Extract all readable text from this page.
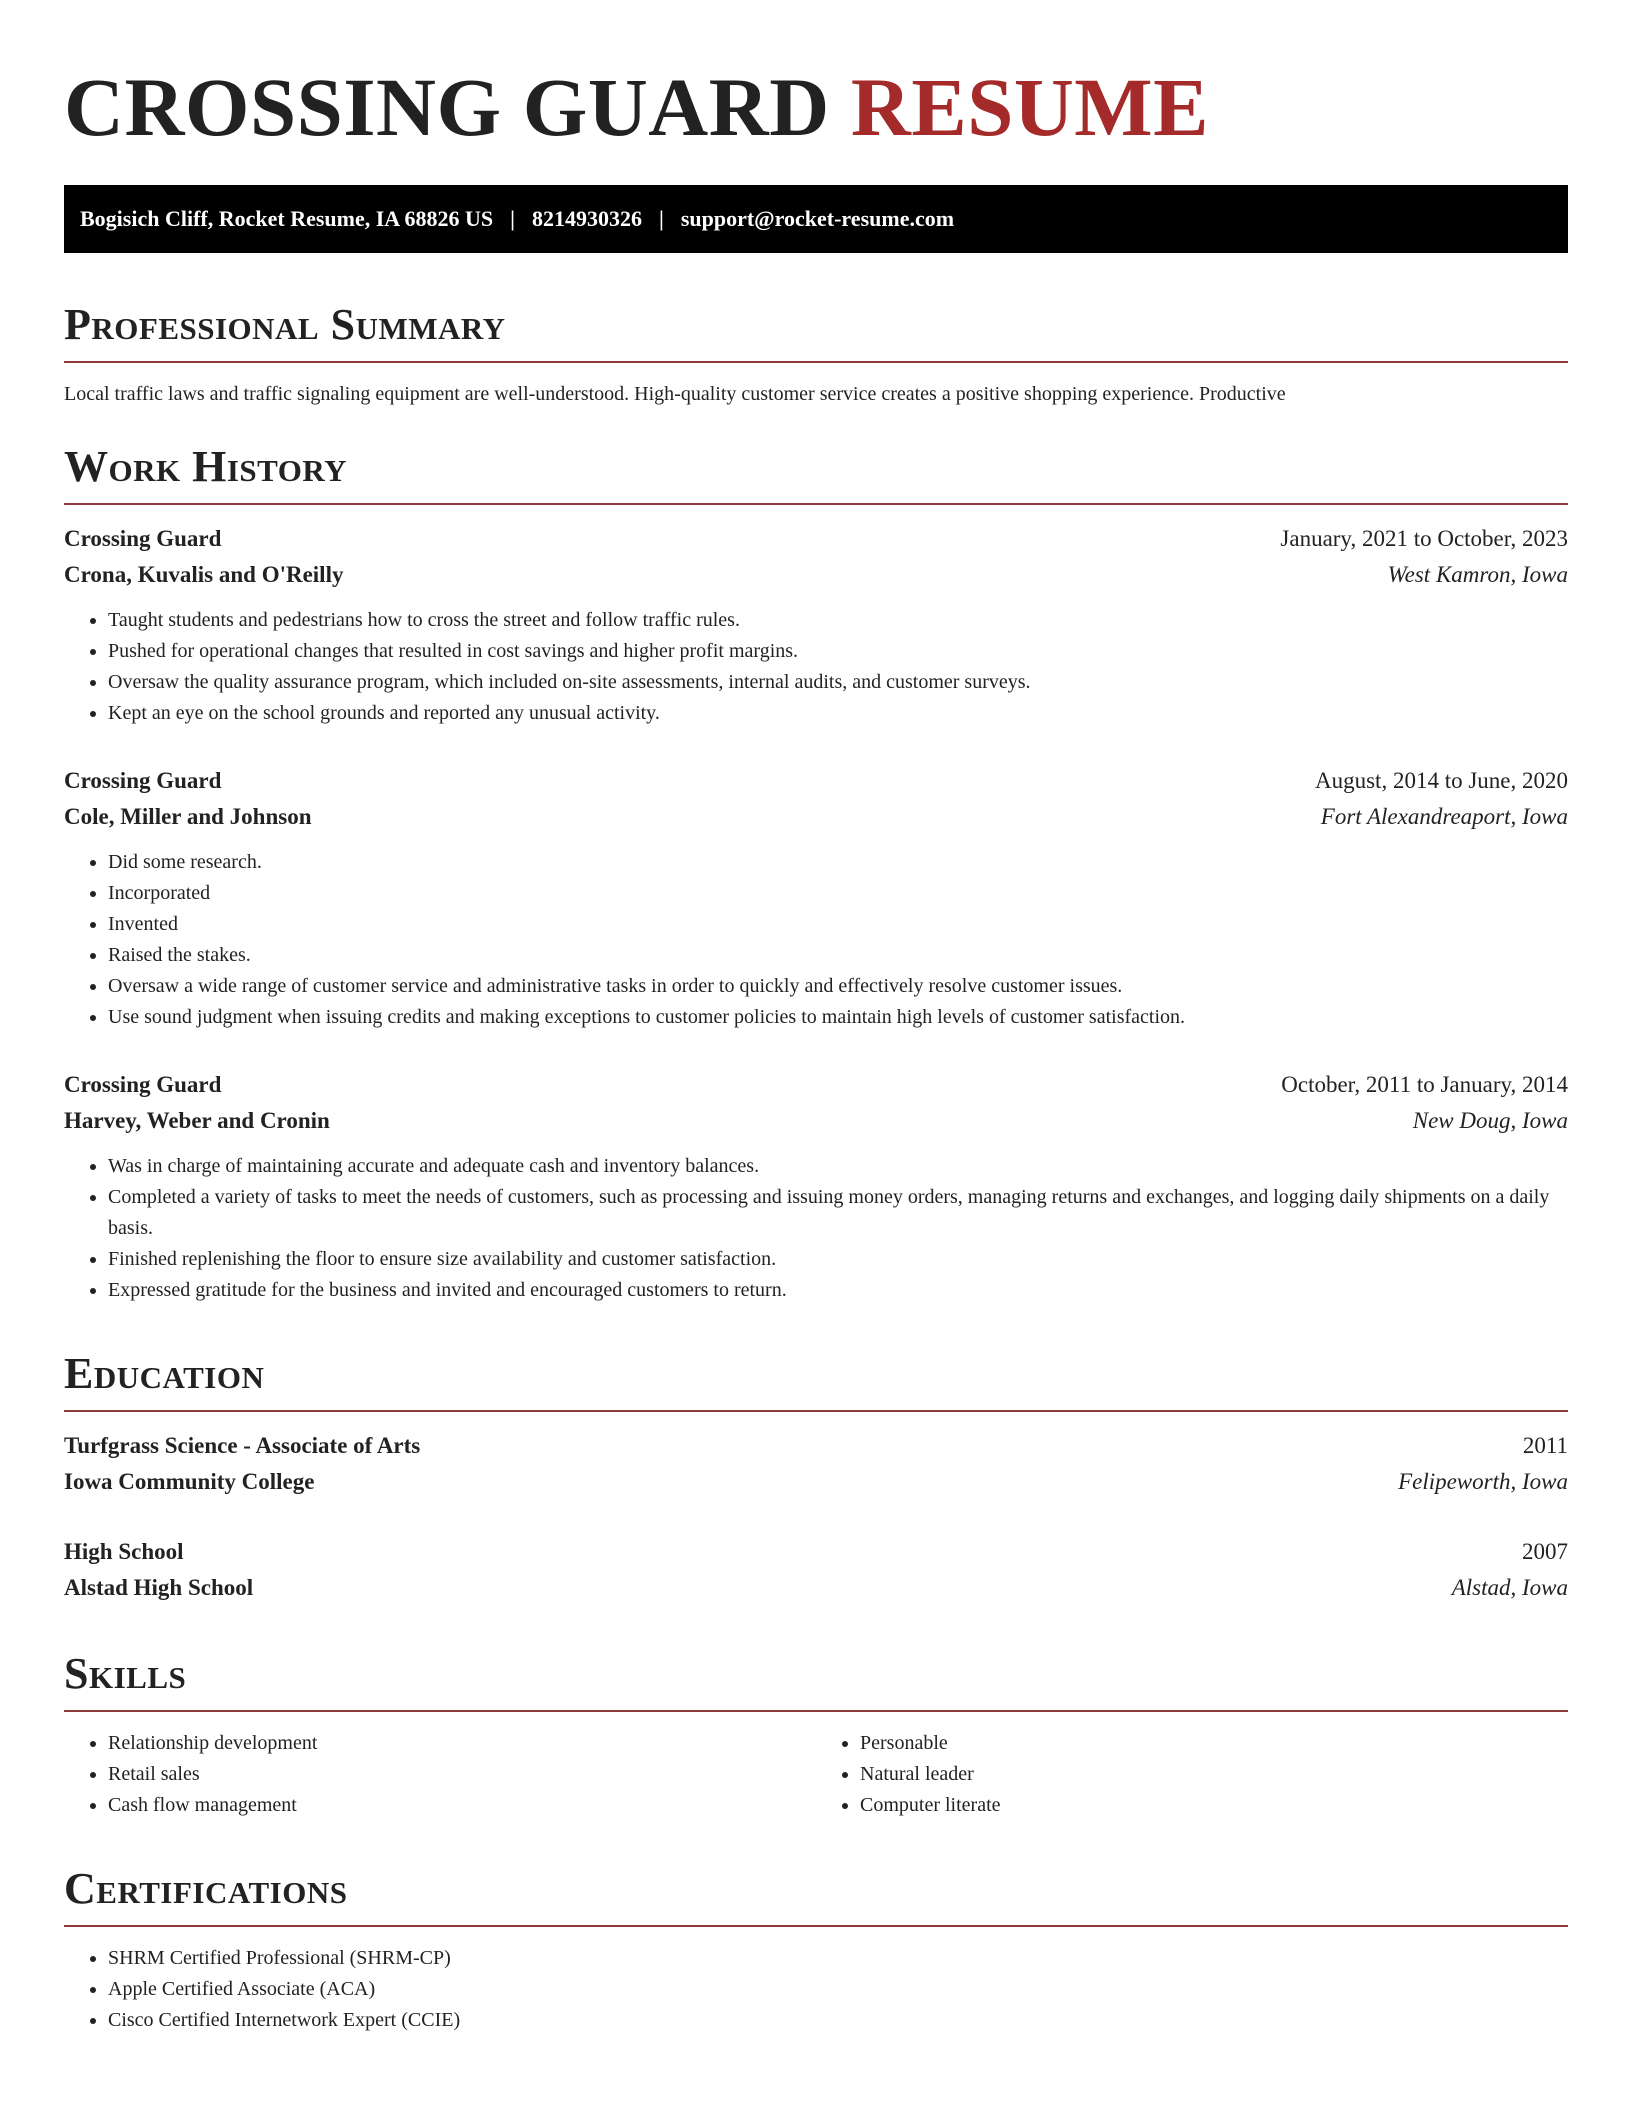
CROSSING GUARD RESUME
Bogisich Cliff, Rocket Resume, IA 68826 US | 8214930326 | support@rocket-resume.com
Professional Summary
Local traffic laws and traffic signaling equipment are well-understood. High-quality customer service creates a positive shopping experience. Productive
Work History
Crossing Guard	January, 2021 to October, 2023
Crona, Kuvalis and O'Reilly	West Kamron, Iowa
• Taught students and pedestrians how to cross the street and follow traffic rules.
• Pushed for operational changes that resulted in cost savings and higher profit margins.
• Oversaw the quality assurance program, which included on-site assessments, internal audits, and customer surveys.
• Kept an eye on the school grounds and reported any unusual activity.
Crossing Guard	August, 2014 to June, 2020
Cole, Miller and Johnson	Fort Alexandreaport, Iowa
• Did some research.
• Incorporated
• Invented
• Raised the stakes.
• Oversaw a wide range of customer service and administrative tasks in order to quickly and effectively resolve customer issues.
• Use sound judgment when issuing credits and making exceptions to customer policies to maintain high levels of customer satisfaction.
Crossing Guard	October, 2011 to January, 2014
Harvey, Weber and Cronin	New Doug, Iowa
• Was in charge of maintaining accurate and adequate cash and inventory balances.
• Completed a variety of tasks to meet the needs of customers, such as processing and issuing money orders, managing returns and exchanges, and logging daily shipments on a daily basis.
• Finished replenishing the floor to ensure size availability and customer satisfaction.
• Expressed gratitude for the business and invited and encouraged customers to return.
Education
Turfgrass Science - Associate of Arts	2011
Iowa Community College	Felipeworth, Iowa
High School	2007
Alstad High School	Alstad, Iowa
Skills
• Relationship development
• Retail sales
• Cash flow management
• Personable
• Natural leader
• Computer literate
Certifications
• SHRM Certified Professional (SHRM-CP)
• Apple Certified Associate (ACA)
• Cisco Certified Internetwork Expert (CCIE)
